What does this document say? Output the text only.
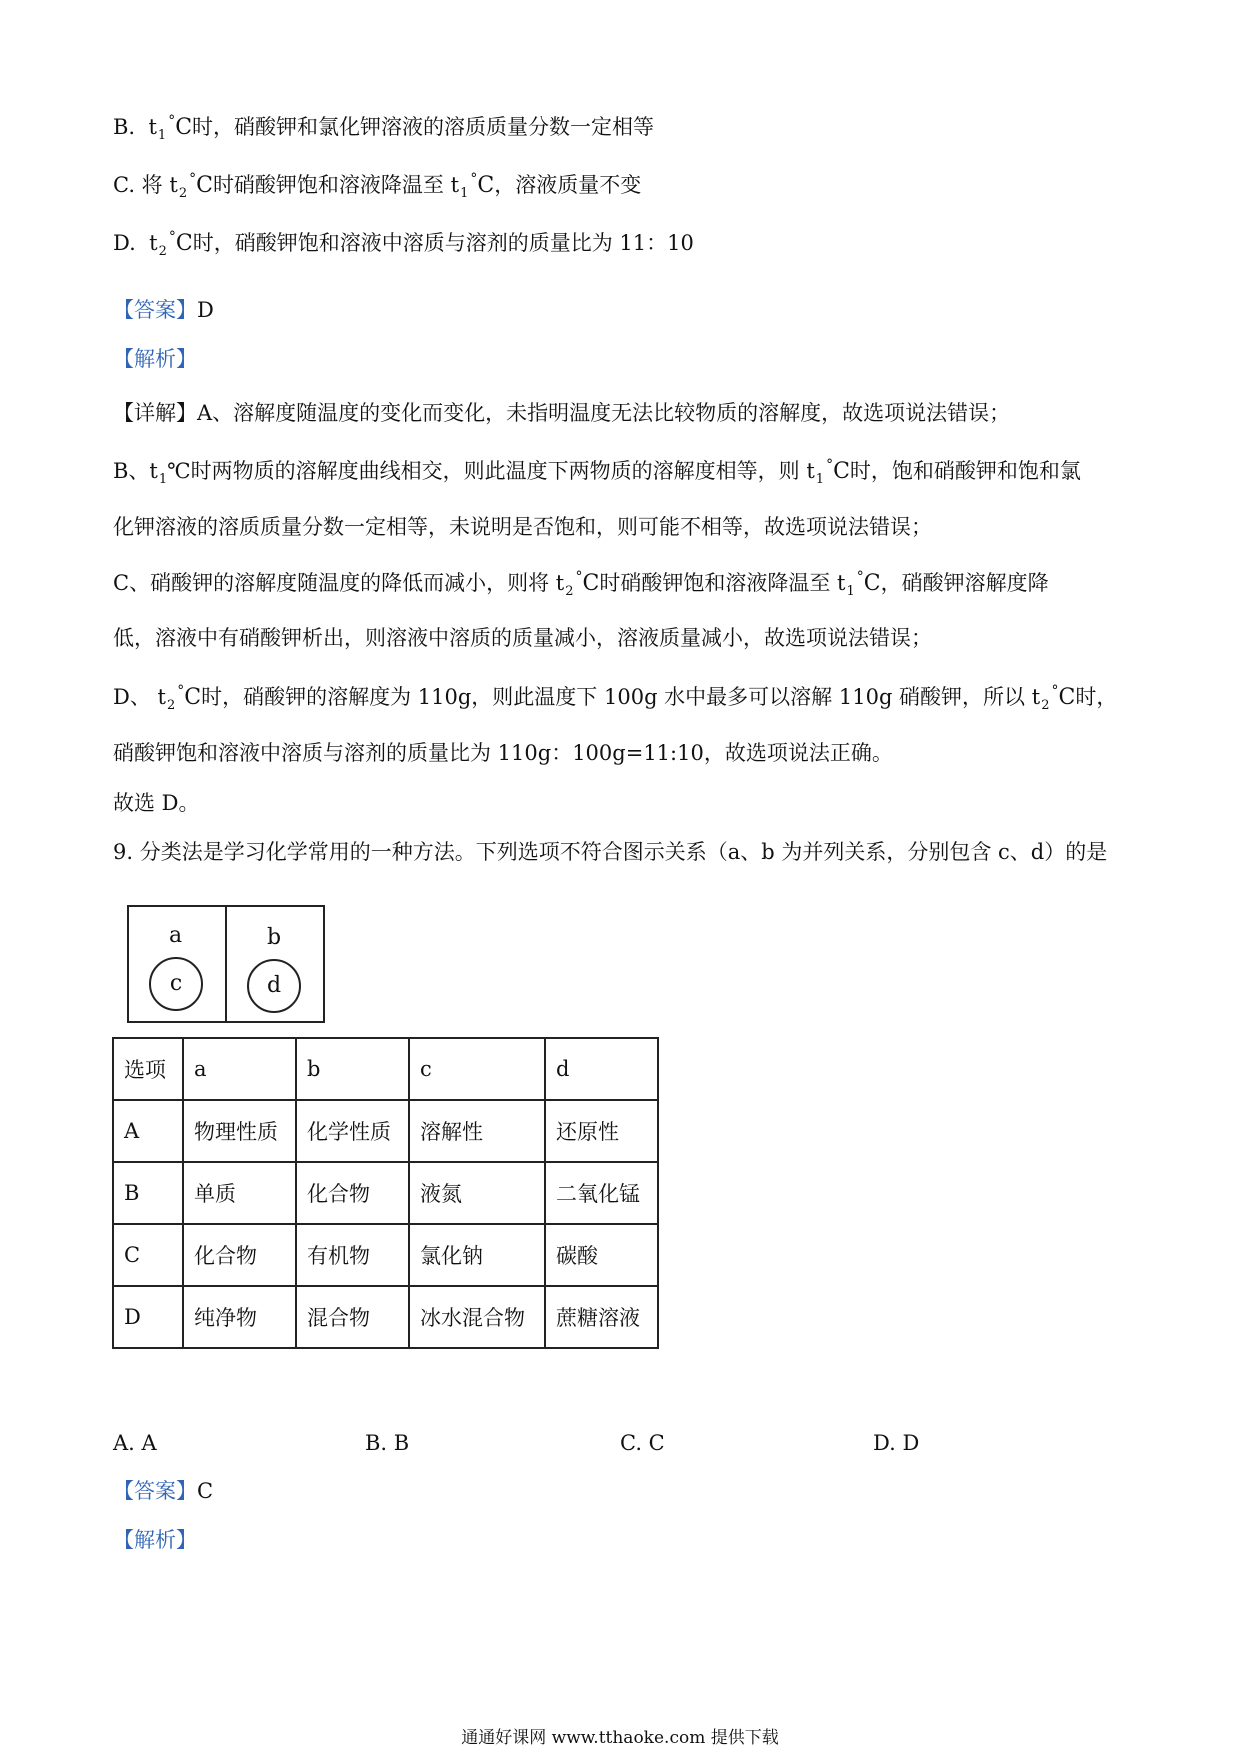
B. $t_1^\circ C$时，硝酸钾和氯化钾溶液的溶质质量分数一定相等
C. 将 $t_2^\circ C$时硝酸钾饱和溶液降温至 $t_1^\circ C$，溶液质量不变
D. $t_2^\circ C$时，硝酸钾饱和溶液中溶质与溶剂的质量比为 11：10
【答案】D
【解析】
【详解】A、溶解度随温度的变化而变化，未指明温度无法比较物质的溶解度，故选项说法错误；
B、$t_1℃$时两物质的溶解度曲线相交，则此温度下两物质的溶解度相等，则 $t_1^\circ C$时，饱和硝酸钾和饱和氯
化钾溶液的溶质质量分数一定相等，未说明是否饱和，则可能不相等，故选项说法错误；
C、硝酸钾的溶解度随温度的降低而减小，则将 $t_2^\circ C$时硝酸钾饱和溶液降温至 $t_1^\circ C$，硝酸钾溶解度降
低，溶液中有硝酸钾析出，则溶液中溶质的质量减小，溶液质量减小，故选项说法错误；
D、 $t_2^\circ C$时，硝酸钾的溶解度为 110g，则此温度下 100g 水中最多可以溶解 110g 硝酸钾，所以 $t_2^\circ C$时，
硝酸钾饱和溶液中溶质与溶剂的质量比为 110g：100g=11:10，故选项说法正确。
故选 D。
9. 分类法是学习化学常用的一种方法。下列选项不符合图示关系（a、b 为并列关系，分别包含 c、d）的是
a
c
b
d
选项	a	b	c	d
A	物理性质	化学性质	溶解性	还原性
B	单质	化合物	液氮	二氧化锰
C	化合物	有机物	氯化钠	碳酸
D	纯净物	混合物	冰水混合物	蔗糖溶液
A. A	B. B	C. C	D. D
【答案】C
【解析】
通通好课网 www.tthaoke.com 提供下载
